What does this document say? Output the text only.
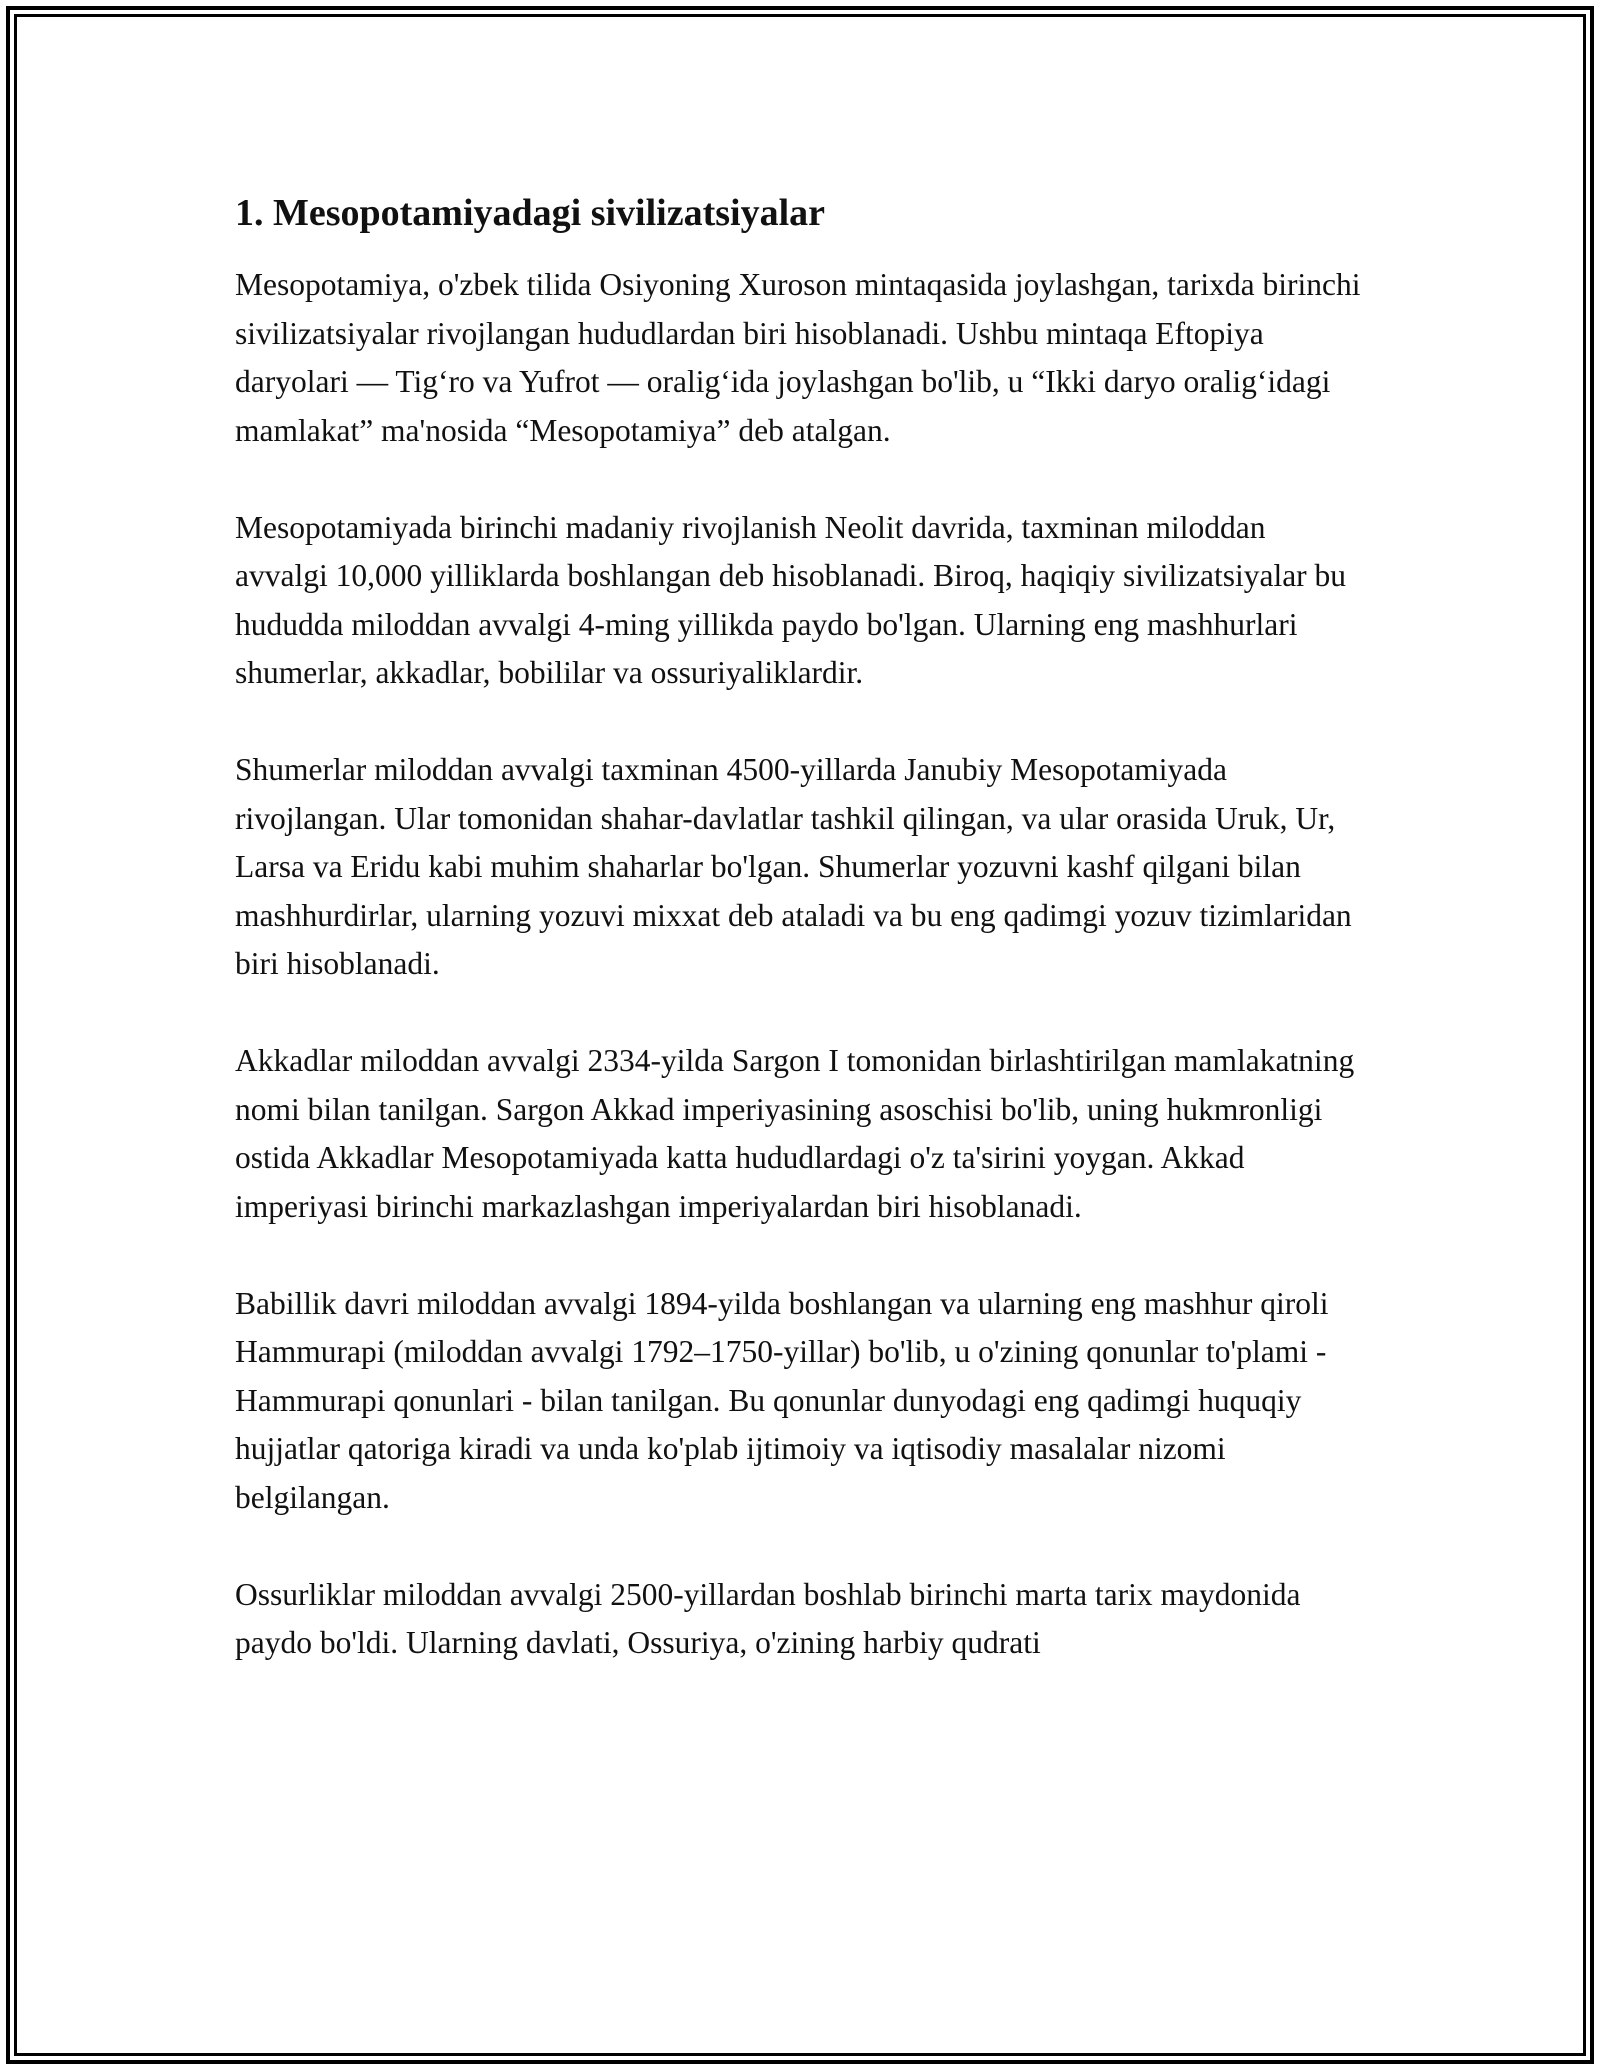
1. Mesopotamiyadagi sivilizatsiyalar

Mesopotamiya, o'zbek tilida Osiyoning Xuroson mintaqasida joylashgan, tarixda birinchi sivilizatsiyalar rivojlangan hududlardan biri hisoblanadi. Ushbu mintaqa Eftopiya daryolari — Tig‘ro va Yufrot — oralig‘ida joylashgan bo'lib, u “Ikki daryo oralig‘idagi mamlakat” ma'nosida “Mesopotamiya” deb atalgan.

Mesopotamiyada birinchi madaniy rivojlanish Neolit davrida, taxminan miloddan avvalgi 10,000 yilliklarda boshlangan deb hisoblanadi. Biroq, haqiqiy sivilizatsiyalar bu hududda miloddan avvalgi 4-ming yillikda paydo bo'lgan. Ularning eng mashhurlari shumerlar, akkadlar, bobililar va ossuriyaliklardir.

Shumerlar miloddan avvalgi taxminan 4500-yillarda Janubiy Mesopotamiyada rivojlangan. Ular tomonidan shahar-davlatlar tashkil qilingan, va ular orasida Uruk, Ur, Larsa va Eridu kabi muhim shaharlar bo'lgan. Shumerlar yozuvni kashf qilgani bilan mashhurdirlar, ularning yozuvi mixxat deb ataladi va bu eng qadimgi yozuv tizimlaridan biri hisoblanadi.

Akkadlar miloddan avvalgi 2334-yilda Sargon I tomonidan birlashtirilgan mamlakatning nomi bilan tanilgan. Sargon Akkad imperiyasining asoschisi bo'lib, uning hukmronligi ostida Akkadlar Mesopotamiyada katta hududlardagi o'z ta'sirini yoygan. Akkad imperiyasi birinchi markazlashgan imperiyalardan biri hisoblanadi.

Babillik davri miloddan avvalgi 1894-yilda boshlangan va ularning eng mashhur qiroli Hammurapi (miloddan avvalgi 1792–1750-yillar) bo'lib, u o'zining qonunlar to'plami - Hammurapi qonunlari - bilan tanilgan. Bu qonunlar dunyodagi eng qadimgi huquqiy hujjatlar qatoriga kiradi va unda ko'plab ijtimoiy va iqtisodiy masalalar nizomi belgilangan.

Ossurliklar miloddan avvalgi 2500-yillardan boshlab birinchi marta tarix maydonida paydo bo'ldi. Ularning davlati, Ossuriya, o'zining harbiy qudrati
